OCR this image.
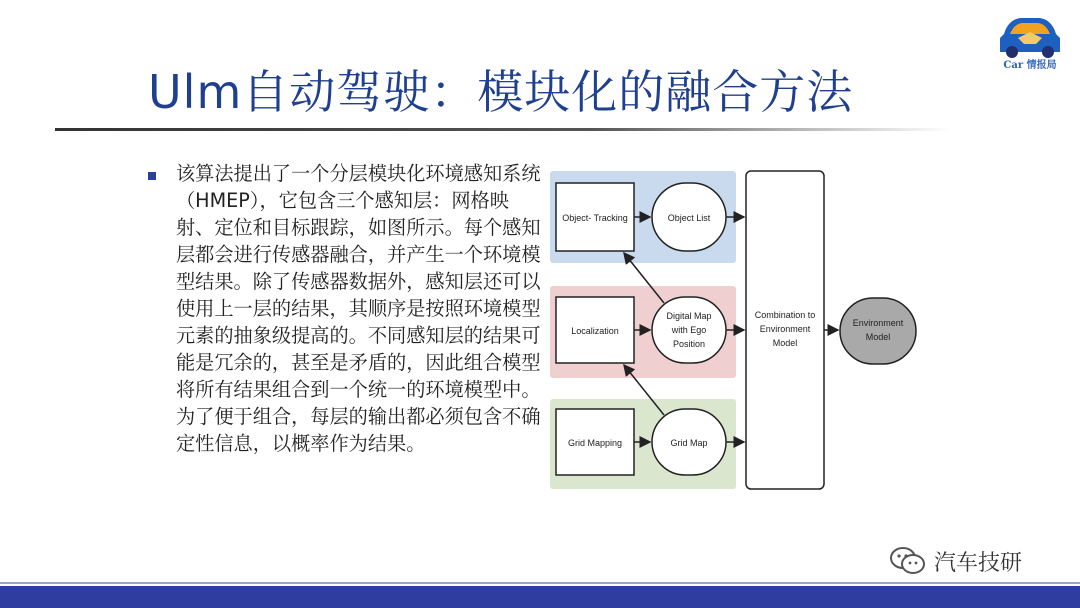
Ulm自动驾驶：模块化的融合方法	Car 情报局
该算法提出了一个分层模块化环境感知系统（HMEP），它包含三个感知层：网格映射、定位和目标跟踪，如图所示。每个感知层都会进行传感器融合，并产生一个环境模型结果。除了传感器数据外，感知层还可以使用上一层的结果，其顺序是按照环境模型元素的抽象级提高的。不同感知层的结果可能是冗余的，甚至是矛盾的，因此组合模型将所有结果组合到一个统一的环境模型中。为了便于组合，每层的输出都必须包含不确定性信息，以概率作为结果。
Object- Tracking
Localization
Grid Mapping
Object List
Digital Map
with Ego
Position
Grid Map
Combination to
Environment
Model
Environment
Model
汽车技研
